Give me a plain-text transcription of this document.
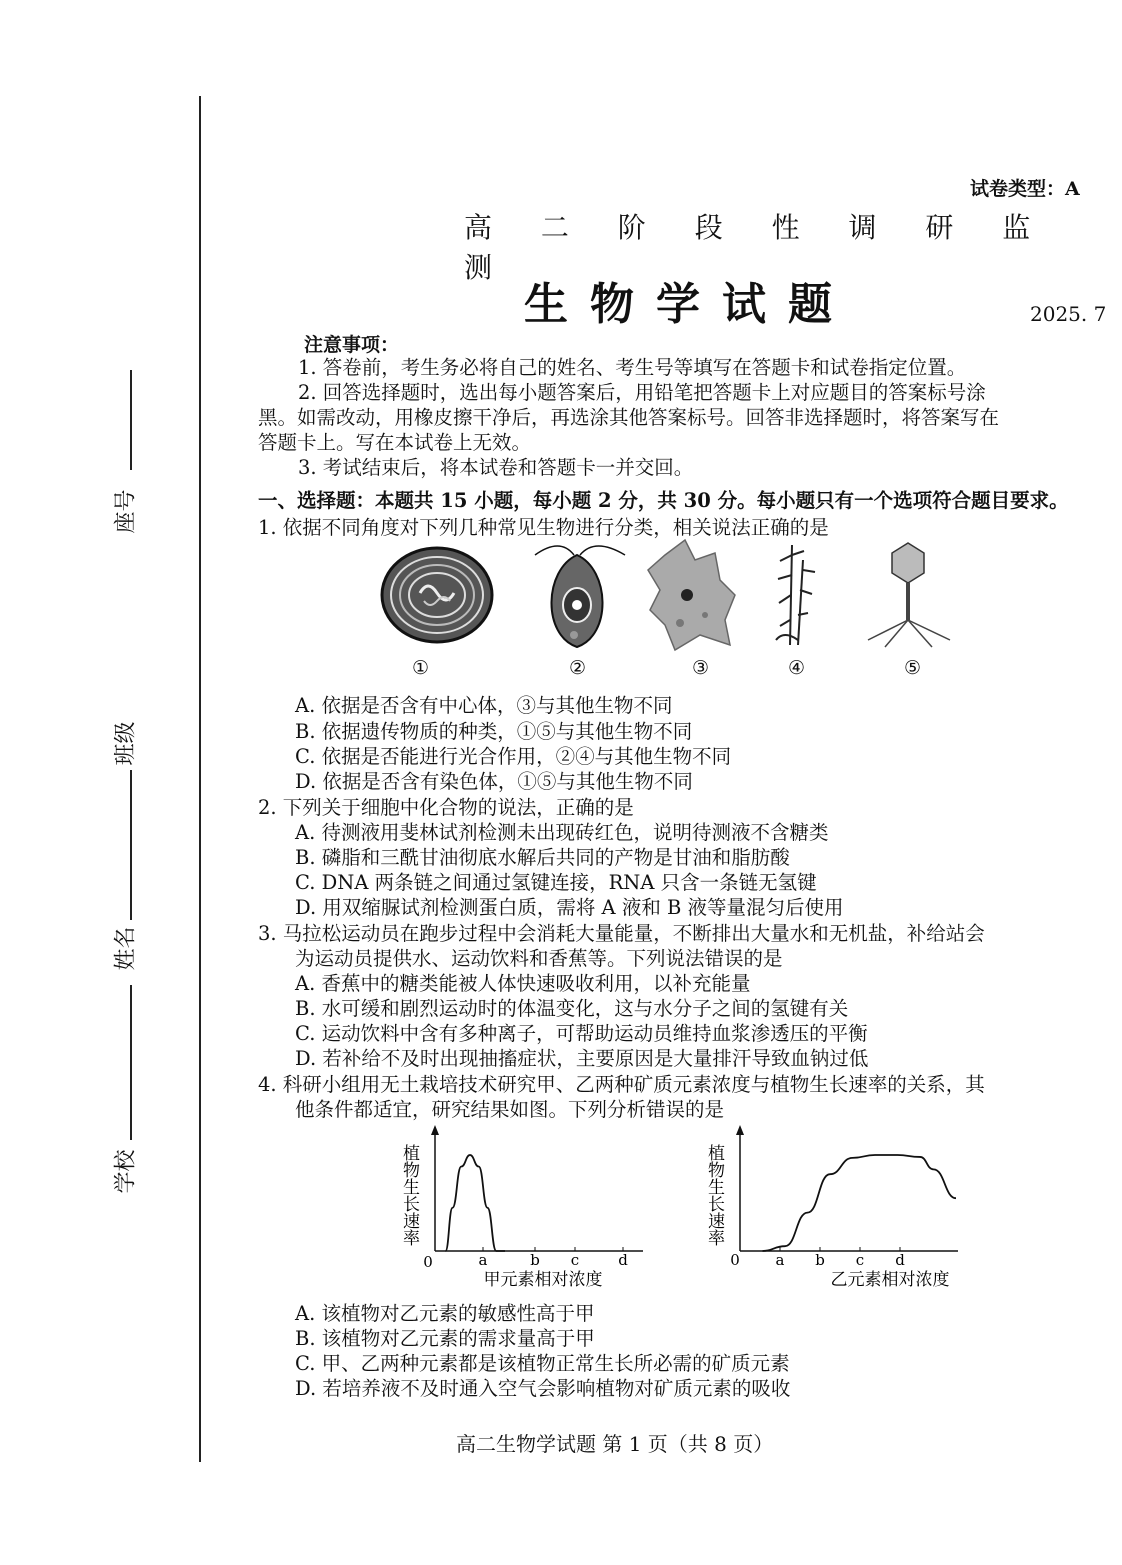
座号
班级
姓名
学校
试卷类型：A
高 二 阶 段 性 调 研 监 测
生物学试题	2025. 7
注意事项：
1. 答卷前，考生务必将自己的姓名、考生号等填写在答题卡和试卷指定位置。
2. 回答选择题时，选出每小题答案后，用铅笔把答题卡上对应题目的答案标号涂
黑。如需改动，用橡皮擦干净后，再选涂其他答案标号。回答非选择题时，将答案写在
答题卡上。写在本试卷上无效。
3. 考试结束后，将本试卷和答题卡一并交回。
一、选择题：本题共 15 小题，每小题 2 分，共 30 分。每小题只有一个选项符合题目要求。
1. 依据不同角度对下列几种常见生物进行分类，相关说法正确的是
①	②	③	④	⑤
A. 依据是否含有中心体，③与其他生物不同
B. 依据遗传物质的种类，①⑤与其他生物不同
C. 依据是否能进行光合作用，②④与其他生物不同
D. 依据是否含有染色体，①⑤与其他生物不同
2. 下列关于细胞中化合物的说法，正确的是
A. 待测液用斐林试剂检测未出现砖红色，说明待测液不含糖类
B. 磷脂和三酰甘油彻底水解后共同的产物是甘油和脂肪酸
C. DNA 两条链之间通过氢键连接，RNA 只含一条链无氢键
D. 用双缩脲试剂检测蛋白质，需将 A 液和 B 液等量混匀后使用
3. 马拉松运动员在跑步过程中会消耗大量能量，不断排出大量水和无机盐，补给站会
为运动员提供水、运动饮料和香蕉等。下列说法错误的是
A. 香蕉中的糖类能被人体快速吸收利用，以补充能量
B. 水可缓和剧烈运动时的体温变化，这与水分子之间的氢键有关
C. 运动饮料中含有多种离子，可帮助运动员维持血浆渗透压的平衡
D. 若补给不及时出现抽搐症状，主要原因是大量排汗导致血钠过低
4. 科研小组用无土栽培技术研究甲、乙两种矿质元素浓度与植物生长速率的关系，其
他条件都适宜，研究结果如图。下列分析错误的是
植物生长速率
0
甲元素相对浓度
a	b c	d
植物生长速率
0
乙元素相对浓度
a b c d
A. 该植物对乙元素的敏感性高于甲
B. 该植物对乙元素的需求量高于甲
C. 甲、乙两种元素都是该植物正常生长所必需的矿质元素
D. 若培养液不及时通入空气会影响植物对矿质元素的吸收
高二生物学试题 第 1 页（共 8 页）
